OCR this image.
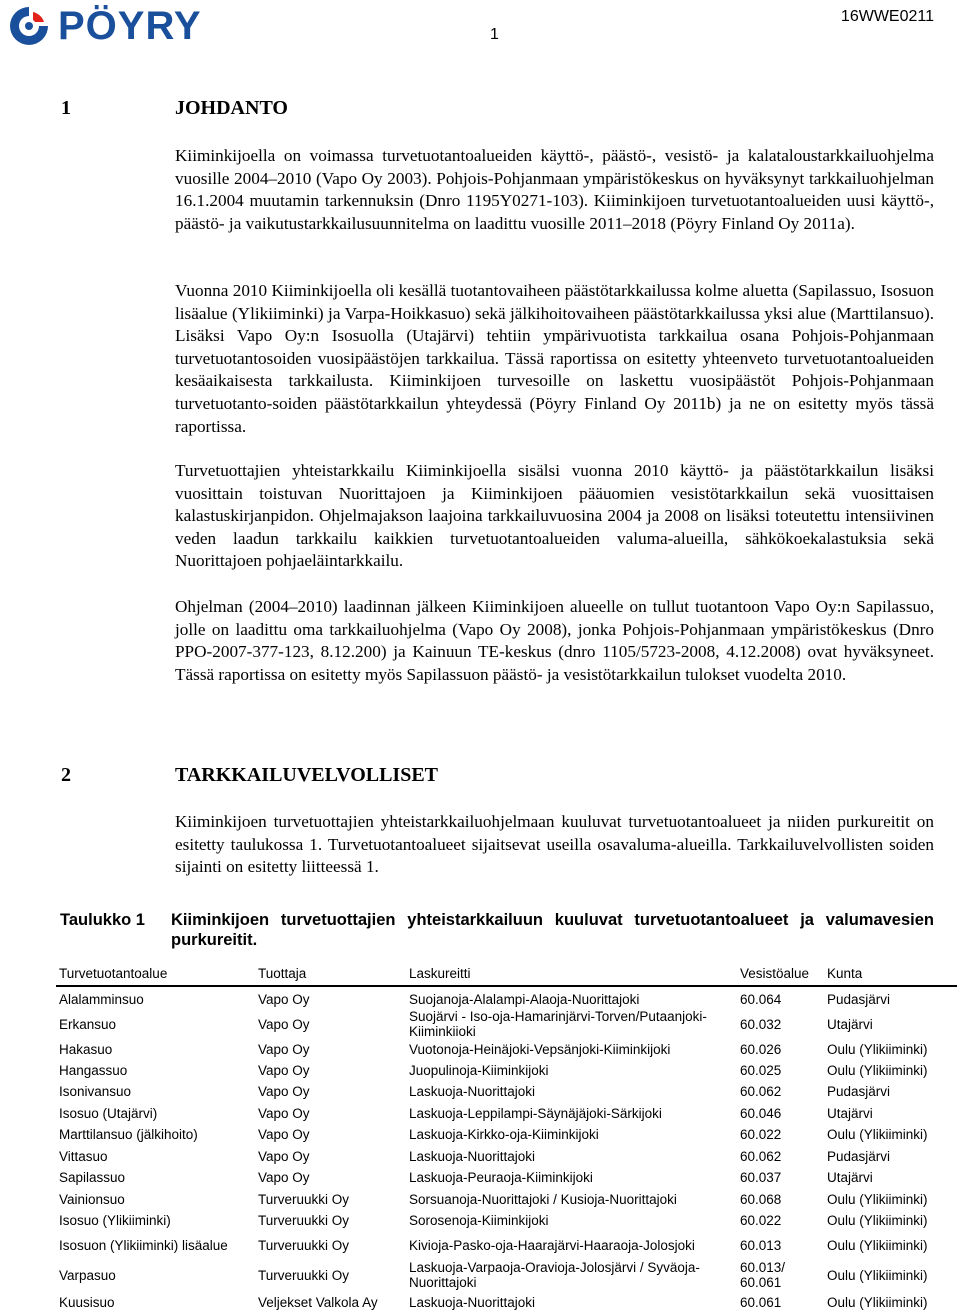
PÖYRY	1
16WWE0211
1	JOHDANTO

Kiiminkijoella on voimassa turvetuotantoalueiden käyttö-, päästö-, vesistö- ja kalataloustarkkailuohjelma vuosille 2004–2010 (Vapo Oy 2003). Pohjois-Pohjanmaan ympäristökeskus on hyväksynyt tarkkailuohjelman 16.1.2004 muutamin tarkennuksin (Dnro 1195Y0271-103). Kiiminkijoen turvetuotantoalueiden uusi käyttö-, päästö- ja vaikutustarkkailusuunnitelma on laadittu vuosille 2011–2018 (Pöyry Finland Oy 2011a).

Vuonna 2010 Kiiminkijoella oli kesällä tuotantovaiheen päästötarkkailussa kolme aluetta (Sapilassuo, Isosuon lisäalue (Ylikiiminki) ja Varpa-Hoikkasuo) sekä jälkihoitovaiheen päästötarkkailussa yksi alue (Marttilansuo). Lisäksi Vapo Oy:n Isosuolla (Utajärvi) tehtiin ympärivuotista tarkkailua osana Pohjois-Pohjanmaan turvetuotantosoiden vuosipäästöjen tarkkailua. Tässä raportissa on esitetty yhteenveto turvetuotantoalueiden kesäaikaisesta tarkkailusta. Kiiminkijoen turvesoille on laskettu vuosipäästöt Pohjois-Pohjanmaan turvetuotanto-soiden päästötarkkailun yhteydessä (Pöyry Finland Oy 2011b) ja ne on esitetty myös tässä raportissa.

Turvetuottajien yhteistarkkailu Kiiminkijoella sisälsi vuonna 2010 käyttö- ja päästötarkkailun lisäksi vuosittain toistuvan Nuorittajoen ja Kiiminkijoen pääuomien vesistötarkkailun sekä vuosittaisen kalastuskirjanpidon. Ohjelmajakson laajoina tarkkailuvuosina 2004 ja 2008 on lisäksi toteutettu intensiivinen veden laadun tarkkailu kaikkien turvetuotantoalueiden valuma-alueilla, sähkökoekalastuksia sekä Nuorittajoen pohjaeläintarkkailu.

Ohjelman (2004–2010) laadinnan jälkeen Kiiminkijoen alueelle on tullut tuotantoon Vapo Oy:n Sapilassuo, jolle on laadittu oma tarkkailuohjelma (Vapo Oy 2008), jonka Pohjois-Pohjanmaan ympäristökeskus (Dnro PPO-2007-377-123, 8.12.200) ja Kainuun TE-keskus (dnro 1105/5723-2008, 4.12.2008) ovat hyväksyneet. Tässä raportissa on esitetty myös Sapilassuon päästö- ja vesistötarkkailun tulokset vuodelta 2010.

2	TARKKAILUVELVOLLISET

Kiiminkijoen turvetuottajien yhteistarkkailuohjelmaan kuuluvat turvetuotantoalueet ja niiden purkureitit on esitetty taulukossa 1. Turvetuotantoalueet sijaitsevat useilla osavaluma-alueilla. Tarkkailuvelvollisten soiden sijainti on esitetty liitteessä 1.

Taulukko 1 Kiiminkijoen turvetuottajien yhteistarkkailuun kuuluvat turvetuotantoalueet ja valumavesien purkureitit.
Turvetuotantoalue	Tuottaja	Laskureitti	Vesistöalue	Kunta
Alalamminsuo	Vapo Oy	Suojanoja-Alalampi-Alaoja-Nuorittajoki	60.064	Pudasjärvi
Erkansuo	Vapo Oy	Suojärvi - Iso-oja-Hamarinjärvi-Torven/Putaanjoki-Kiiminkiioki	60.032	Utajärvi
Hakasuo	Vapo Oy	Vuotonoja-Heinäjoki-Vepsänjoki-Kiiminkijoki	60.026	Oulu (Ylikiiminki)
Hangassuo	Vapo Oy	Juopulinoja-Kiiminkijoki	60.025	Oulu (Ylikiiminki)
Isonivansuo	Vapo Oy	Laskuoja-Nuorittajoki	60.062	Pudasjärvi
Isosuo (Utajärvi)	Vapo Oy	Laskuoja-Leppilampi-Säynäjäjoki-Särkijoki	60.046	Utajärvi
Marttilansuo (jälkihoito)	Vapo Oy	Laskuoja-Kirkko-oja-Kiiminkijoki	60.022	Oulu (Ylikiiminki)
Vittasuo	Vapo Oy	Laskuoja-Nuorittajoki	60.062	Pudasjärvi
Sapilassuo	Vapo Oy	Laskuoja-Peuraoja-Kiiminkijoki	60.037	Utajärvi
Vainionsuo	Turveruukki Oy	Sorsuanoja-Nuorittajoki / Kusioja-Nuorittajoki	60.068	Oulu (Ylikiiminki)
Isosuo (Ylikiiminki)	Turveruukki Oy	Sorosenoja-Kiiminkijoki	60.022	Oulu (Ylikiiminki)
Isosuon (Ylikiiminki) lisäalue	Turveruukki Oy	Kivioja-Pasko-oja-Haarajärvi-Haaraoja-Jolosjoki	60.013	Oulu (Ylikiiminki)
Varpasuo	Turveruukki Oy	Laskuoja-Varpaoja-Oravioja-Jolosjärvi / Syväoja-Nuorittajoki	60.013/ 60.061	Oulu (Ylikiiminki)
Kuusisuo	Veljekset Valkola Ay	Laskuoja-Nuorittajoki	60.061	Oulu (Ylikiiminki)
